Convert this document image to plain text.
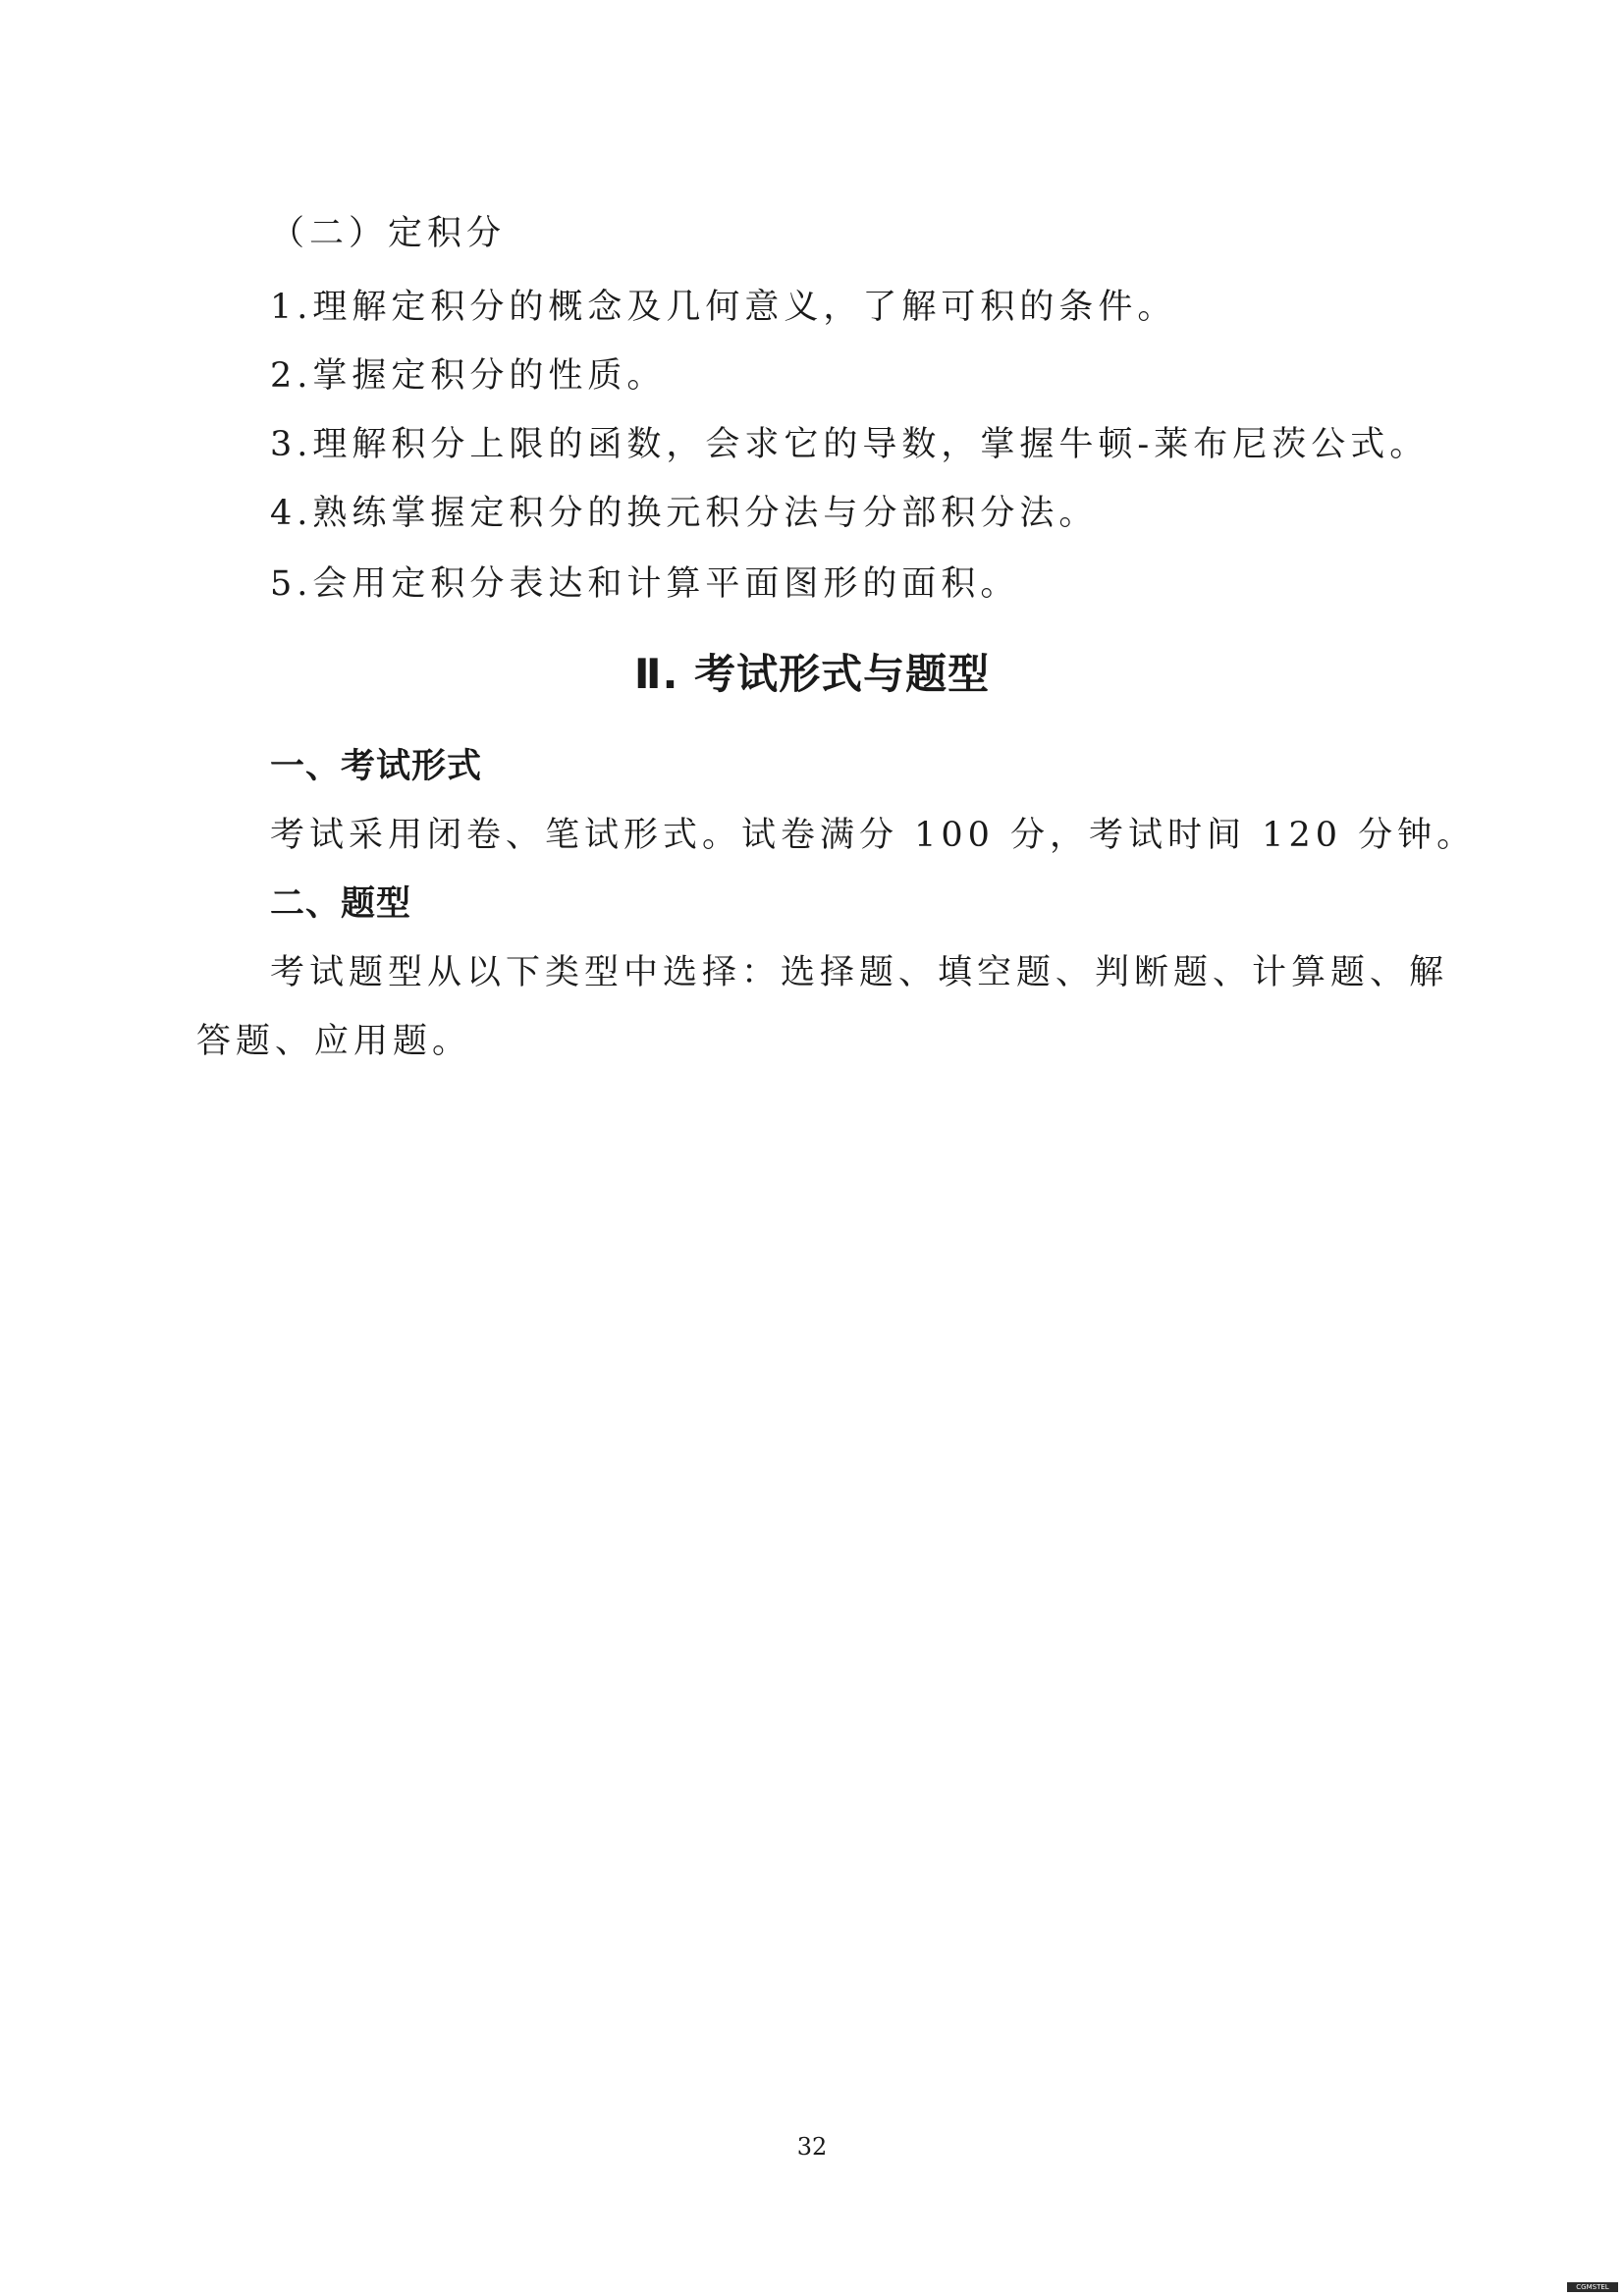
（二）定积分
1.理解定积分的概念及几何意义，了解可积的条件。
2.掌握定积分的性质。
3.理解积分上限的函数，会求它的导数，掌握牛顿-莱布尼茨公式。
4.熟练掌握定积分的换元积分法与分部积分法。
5.会用定积分表达和计算平面图形的面积。
Ⅱ. 考试形式与题型
一、考试形式
考试采用闭卷、笔试形式。试卷满分 100 分，考试时间 120 分钟。
二、题型
考试题型从以下类型中选择：选择题、填空题、判断题、计算题、解
答题、应用题。
32
CGMSTEL
